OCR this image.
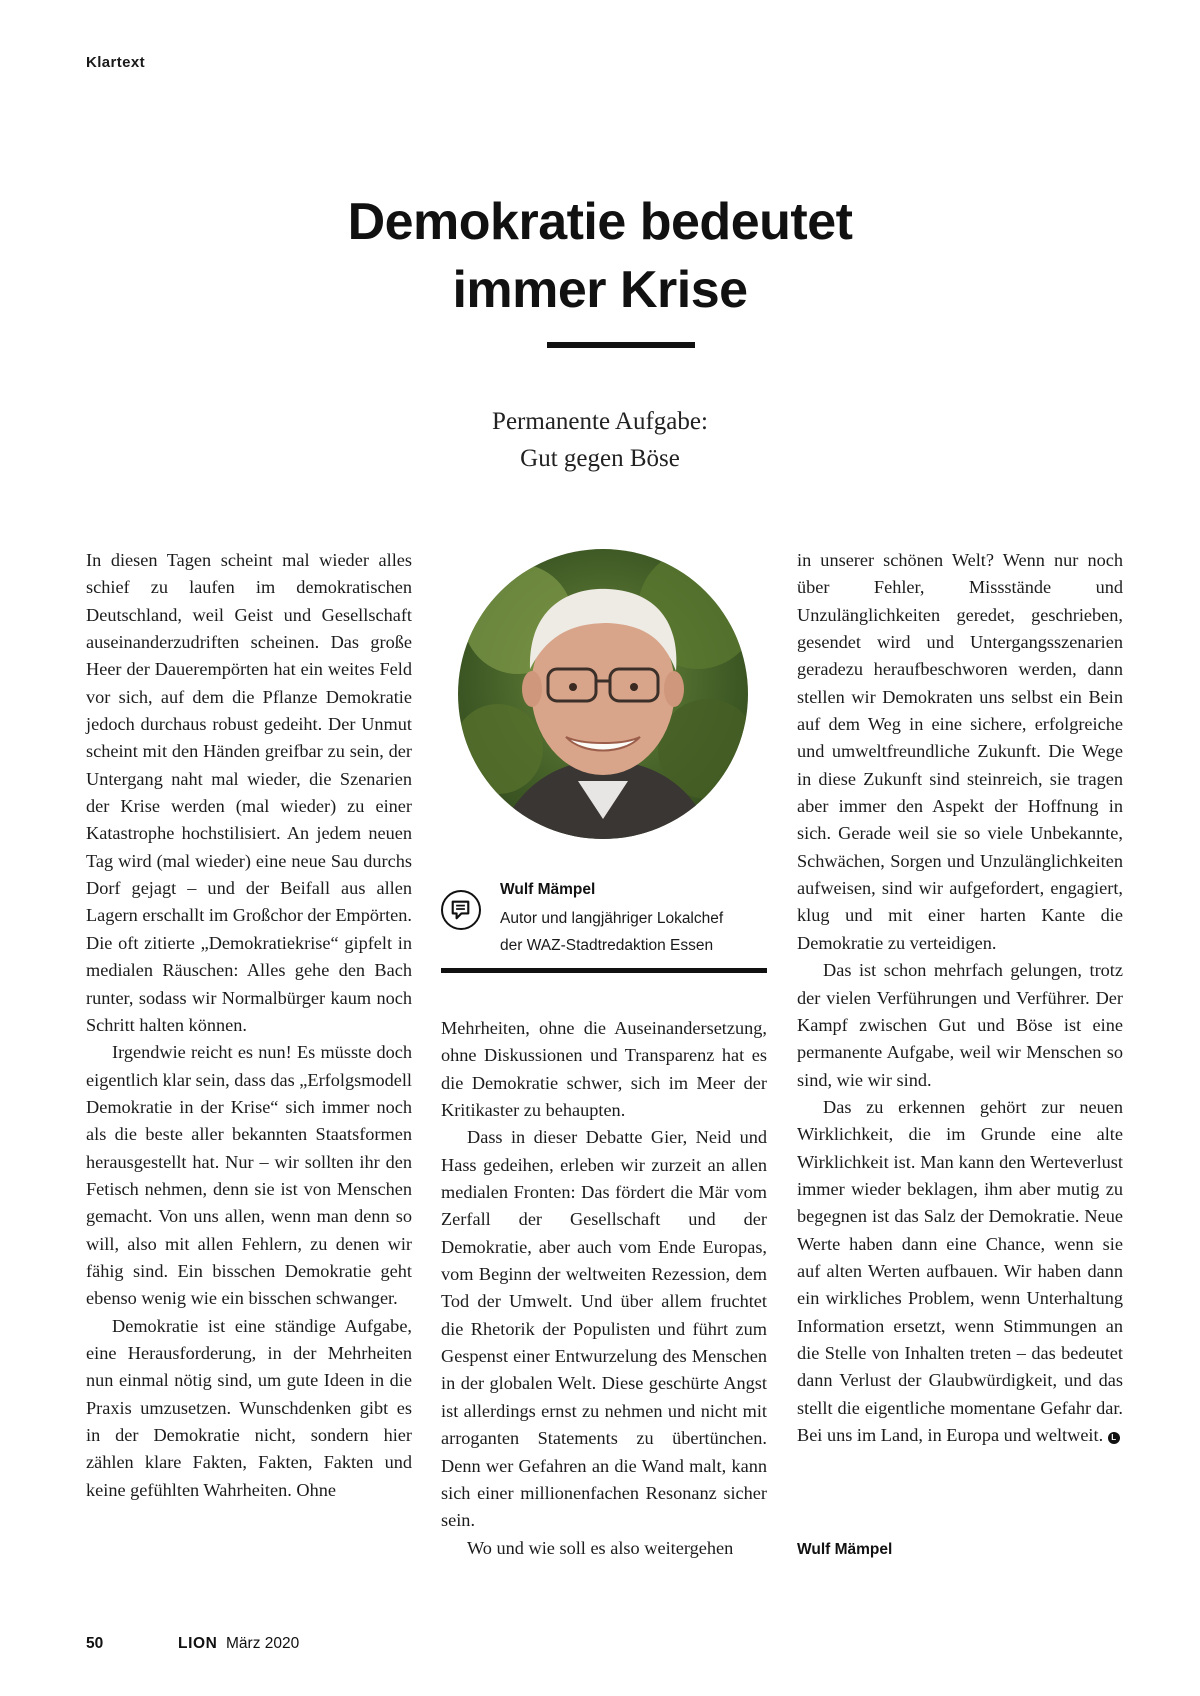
Klartext
Demokratie bedeutet
immer Krise
Permanente Aufgabe:
Gut gegen Böse

In diesen Tagen scheint mal wieder alles schief zu laufen im demokratischen Deutschland, weil Geist und Gesellschaft auseinanderzudriften scheinen. Das große Heer der Dauerempörten hat ein weites Feld vor sich, auf dem die Pflanze Demokratie jedoch durchaus robust gedeiht. Der Unmut scheint mit den Händen greifbar zu sein, der Untergang naht mal wieder, die Szenarien der Krise werden (mal wieder) zu einer Katastrophe hochstilisiert. An jedem neuen Tag wird (mal wieder) eine neue Sau durchs Dorf gejagt – und der Beifall aus allen Lagern erschallt im Großchor der Empörten. Die oft zitierte „Demokratiekrise“ gipfelt in medialen Räuschen: Alles gehe den Bach runter, sodass wir Normalbürger kaum noch Schritt halten können.

Irgendwie reicht es nun! Es müsste doch eigentlich klar sein, dass das „Erfolgsmodell Demokratie in der Krise“ sich immer noch als die beste aller bekannten Staatsformen herausgestellt hat. Nur – wir sollten ihr den Fetisch nehmen, denn sie ist von Menschen gemacht. Von uns allen, wenn man denn so will, also mit allen Fehlern, zu denen wir fähig sind. Ein bisschen Demokratie geht ebenso wenig wie ein bisschen schwanger.

Demokratie ist eine ständige Aufgabe, eine Herausforderung, in der Mehrheiten nun einmal nötig sind, um gute Ideen in die Praxis umzusetzen. Wunschdenken gibt es in der Demokratie nicht, sondern hier zählen klare Fakten, Fakten, Fakten und keine gefühlten Wahrheiten. Ohne

Wulf Mämpel
Autor und langjähriger Lokalchef
der WAZ-Stadtredaktion Essen

Mehrheiten, ohne die Auseinandersetzung, ohne Diskussionen und Transparenz hat es die Demokratie schwer, sich im Meer der Kritikaster zu behaupten.

Dass in dieser Debatte Gier, Neid und Hass gedeihen, erleben wir zurzeit an allen medialen Fronten: Das fördert die Mär vom Zerfall der Gesellschaft und der Demokratie, aber auch vom Ende Europas, vom Beginn der weltweiten Rezession, dem Tod der Umwelt. Und über allem fruchtet die Rhetorik der Populisten und führt zum Gespenst einer Entwurzelung des Menschen in der globalen Welt. Diese geschürte Angst ist allerdings ernst zu nehmen und nicht mit arroganten Statements zu übertünchen. Denn wer Gefahren an die Wand malt, kann sich einer millionenfachen Resonanz sicher sein.

Wo und wie soll es also weitergehen

in unserer schönen Welt? Wenn nur noch über Fehler, Missstände und Unzulänglichkeiten geredet, geschrieben, gesendet wird und Untergangsszenarien geradezu heraufbeschworen werden, dann stellen wir Demokraten uns selbst ein Bein auf dem Weg in eine sichere, erfolgreiche und umweltfreundliche Zukunft. Die Wege in diese Zukunft sind steinreich, sie tragen aber immer den Aspekt der Hoffnung in sich. Gerade weil sie so viele Unbekannte, Schwächen, Sorgen und Unzulänglichkeiten aufweisen, sind wir aufgefordert, engagiert, klug und mit einer harten Kante die Demokratie zu verteidigen.

Das ist schon mehrfach gelungen, trotz der vielen Verführungen und Verführer. Der Kampf zwischen Gut und Böse ist eine permanente Aufgabe, weil wir Menschen so sind, wie wir sind.

Das zu erkennen gehört zur neuen Wirklichkeit, die im Grunde eine alte Wirklichkeit ist. Man kann den Werteverlust immer wieder beklagen, ihm aber mutig zu begegnen ist das Salz der Demokratie. Neue Werte haben dann eine Chance, wenn sie auf alten Werten aufbauen. Wir haben dann ein wirkliches Problem, wenn Unterhaltung Information ersetzt, wenn Stimmungen an die Stelle von Inhalten treten – das bedeutet dann Verlust der Glaubwürdigkeit, und das stellt die eigentliche momentane Gefahr dar. Bei uns im Land, in Europa und weltweit. L

Wulf Mämpel
50	LION März 2020
